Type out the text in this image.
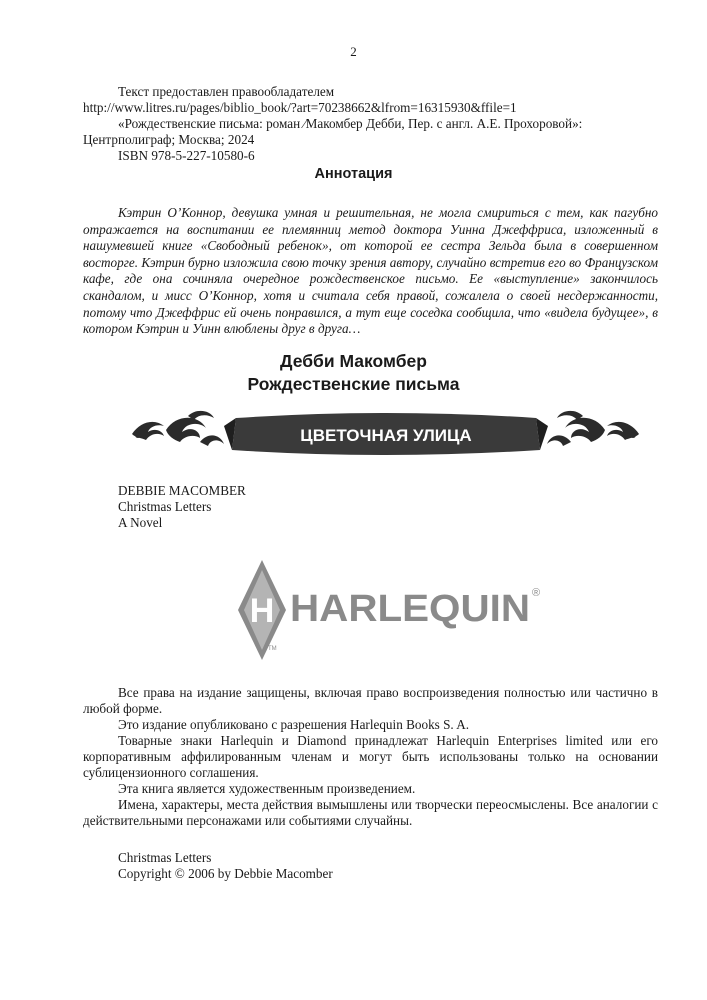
2

Текст предоставлен правообладателем

http://www.litres.ru/pages/biblio_book/?art=70238662&lfrom=16315930&ffile=1

«Рождественские письма: роман ⁄Макомбер Дебби, Пер. с англ. А.Е. Прохоровой»:

Центрполиграф; Москва; 2024

ISBN 978-5-227-10580-6

Аннотация

Кэтрин О’Коннор, девушка умная и решительная, не могла смириться с тем, как пагубно отражается на воспитании ее племянниц метод доктора Уинна Джеффриса, изложенный в нашумевшей книге «Свободный ребенок», от которой ее сестра Зельда была в совершенном восторге. Кэтрин бурно изложила свою точку зрения автору, случайно встретив его во Французском кафе, где она сочиняла очередное рождественское письмо. Ее «выступление» закончилось скандалом, и мисс О’Коннор, хотя и считала себя правой, сожалела о своей несдержанности, потому что Джеффрис ей очень понравился, а тут еще соседка сообщила, что «видела будущее», в котором Кэтрин и Уинн влюблены друг в друга…

Дебби Макомбер
Рождественские письма
ЦВЕТОЧНАЯ УЛИЦА

DEBBIE MACOMBER

Christmas Letters

A Novel

H HARLEQUIN ®
TM

Все права на издание защищены, включая право воспроизведения полностью или частично в любой форме.

Это издание опубликовано с разрешения Harlequin Books S. A.

Товарные знаки Harlequin и Diamond принадлежат Harlequin Enterprises limited или его корпоративным аффилированным членам и могут быть использованы только на основании сублицензионного соглашения.

Эта книга является художественным произведением.

Имена, характеры, места действия вымышлены или творчески переосмыслены. Все аналогии с действительными персонажами или событиями случайны.

Christmas Letters

Copyright © 2006 by Debbie Macomber
